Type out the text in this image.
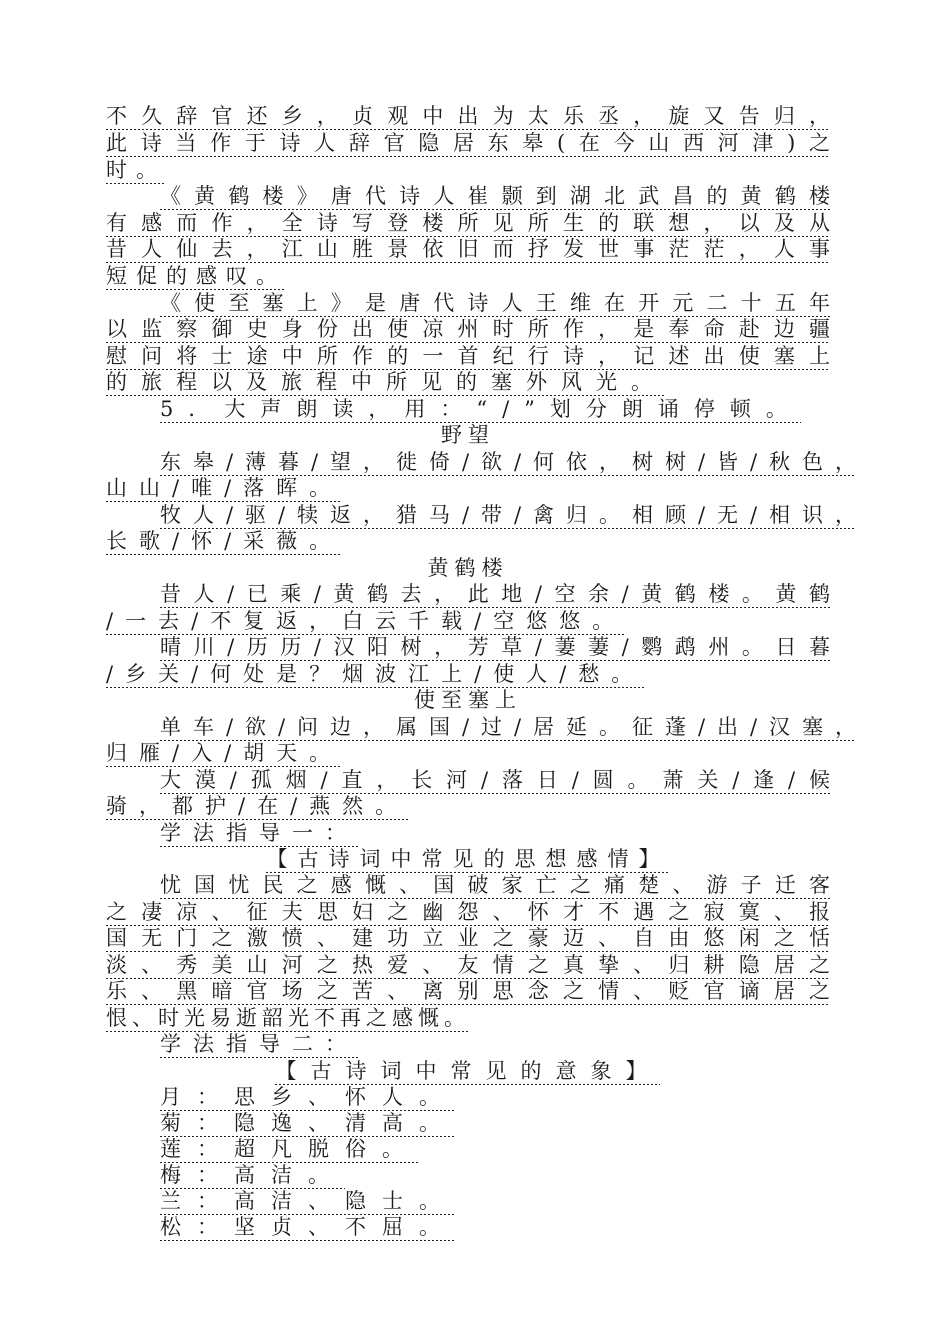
不久辞官还乡，贞观中出为太乐丞，旋又告归，
此诗当作于诗人辞官隐居东皋(在今山西河津)之
时。
《黄鹤楼》唐代诗人崔颢到湖北武昌的黄鹤楼
有感而作，全诗写登楼所见所生的联想，以及从
昔人仙去，江山胜景依旧而抒发世事茫茫，人事
短促的感叹。
《使至塞上》是唐代诗人王维在开元二十五年
以监察御史身份出使凉州时所作，是奉命赴边疆
慰问将士途中所作的一首纪行诗，记述出使塞上
的旅程以及旅程中所见的塞外风光。
5．大声朗读，用：“/”划分朗诵停顿。
野望
东皋/薄暮/望，徙倚/欲/何依，树树/皆/秋色，
山山/唯/落晖。
牧人/驱/犊返，猎马/带/禽归。相顾/无/相识，
长歌/怀/采薇。
黄鹤楼
昔人/已乘/黄鹤去，此地/空余/黄鹤楼。黄鹤
/一去/不复返，白云千载/空悠悠。
晴川/历历/汉阳树，芳草/萋萋/鹦鹉州。日暮
/乡关/何处是？烟波江上/使人/愁。
使至塞上
单车/欲/问边，属国/过/居延。征蓬/出/汉塞，
归雁/入/胡天。
大漠/孤烟/直，长河/落日/圆。萧关/逢/候
骑，都护/在/燕然。
学法指导一：
【古诗词中常见的思想感情】
忧国忧民之感慨、国破家亡之痛楚、游子迁客
之凄凉、征夫思妇之幽怨、怀才不遇之寂寞、报
国无门之激愤、建功立业之豪迈、自由悠闲之恬
淡、秀美山河之热爱、友情之真挚、归耕隐居之
乐、黑暗官场之苦、离别思念之情、贬官谪居之
恨、时光易逝韶光不再之感慨。
学法指导二：
【古诗词中常见的意象】
月：思乡、怀人。
菊：隐逸、清高。
莲：超凡脱俗。
梅：高洁。
兰：高洁、隐士。
松：坚贞、不屈。
